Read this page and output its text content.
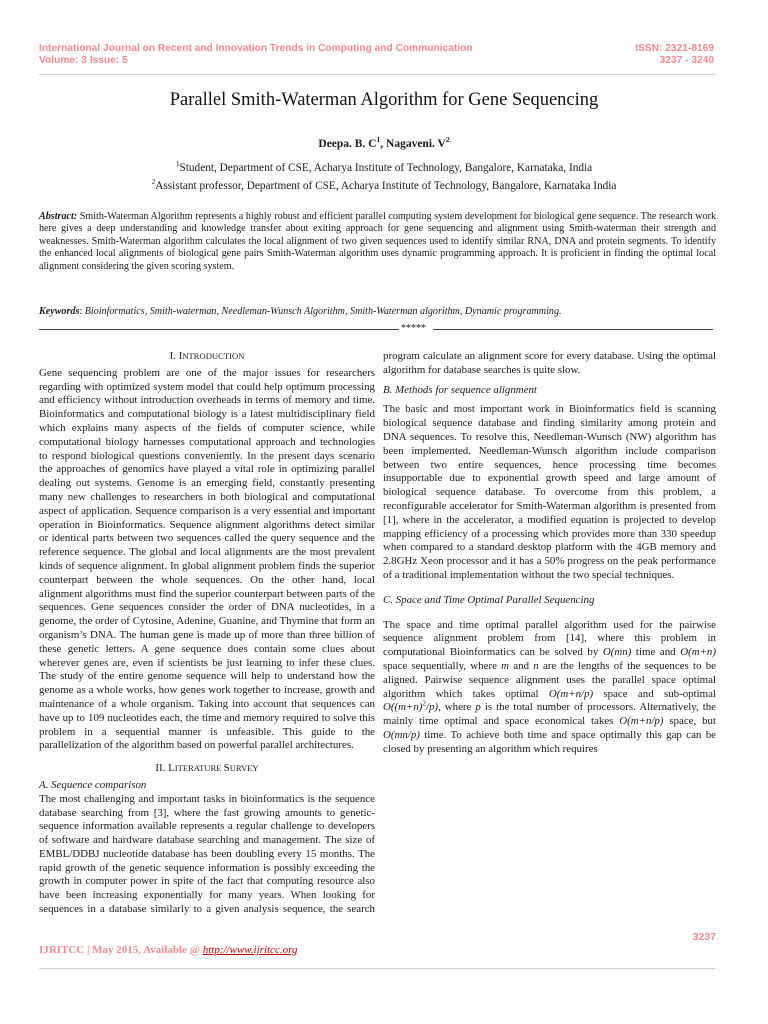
International Journal on Recent and Innovation Trends in Computing and Communication
Volume: 3 Issue: 5
ISSN: 2321-8169
3237 - 3240
Parallel Smith-Waterman Algorithm for Gene Sequencing
Deepa. B. $C^1$, Nagaveni. $V^2$
$^1$Student, Department of CSE, Acharya Institute of Technology, Bangalore, Karnataka, India
$^2$Assistant professor, Department of CSE, Acharya Institute of Technology, Bangalore, Karnataka India
Abstract: Smith-Waterman Algorithm represents a highly robust and efficient parallel computing system development for biological gene sequence. The research work here gives a deep understanding and knowledge transfer about exiting approach for gene sequencing and alignment using Smith-waterman their strength and weaknesses. Smith-Waterman algorithm calculates the local alignment of two given sequences used to identify similar RNA, DNA and protein segments. To identify the enhanced local alignments of biological gene pairs Smith-Waterman algorithm uses dynamic programming approach. It is proficient in finding the optimal local alignment considering the given scoring system.
Keywords: Bioinformatics, Smith-waterman, Needleman-Wunsch Algorithm, Smith-Waterman algorithm, Dynamic programming.
*****
I. INTRODUCTION

Gene sequencing problem are one of the major issues for researchers regarding with optimized system model that could help optimum processing and efficiency without introduction overheads in terms of memory and time. Bioinformatics and computational biology is a latest multidisciplinary field which explains many aspects of the fields of computer science, while computational biology harnesses computational approach and technologies to respond biological questions conveniently. In the present days scenario the approaches of genomics have played a vital role in optimizing parallel dealing out systems. Genome is an emerging field, constantly presenting many new challenges to researchers in both biological and computational aspect of application. Sequence comparison is a very essential and important operation in Bioinformatics. Sequence alignment algorithms detect similar or identical parts between two sequences called the query sequence and the reference sequence. The global and local alignments are the most prevalent kinds of sequence alignment. In global alignment problem finds the superior counterpart between the whole sequences. On the other hand, local alignment algorithms must find the superior counterpart between parts of the sequences. Gene sequences consider the order of DNA nucleotides, in a genome, the order of Cytosine, Adenine, Guanine, and Thymine that form an organism’s DNA. The human gene is made up of more than three billion of these genetic letters. A gene sequence does contain some clues about wherever genes are, even if scientists be just learning to infer these clues. The study of the entire genome sequence will help to understand how the genome as a whole works, how genes work together to increase, growth and maintenance of a whole organism. Taking into account that sequences can have up to 109 nucleotides each, the time and memory required to solve this problem in a sequential manner is unfeasible. This guide to the parallelization of the algorithm based on powerful parallel architectures.

II. LITERATURE SURVEY

A. Sequence comparison

The most challenging and important tasks in bioinformatics is the sequence database searching from [3], where the fast growing amounts to genetic-sequence information available represents a regular challenge to developers of software and hardware database searching and management. The size of EMBL/DDBJ nucleotide database has been doubling every 15 months. The rapid growth of the genetic sequence information is possibly exceeding the growth in computer power in spite of the fact that computing resource also have been increasing exponentially for many years. When looking for sequences in a database similarly to a given analysis sequence, the search

program calculate an alignment score for every database. Using the optimal algorithm for database searches is quite slow.

B. Methods for sequence alignment

The basic and most important work in Bioinformatics field is scanning biological sequence database and finding similarity among protein and DNA sequences. To resolve this, Needleman-Wunsch (NW) algorithm has been implemented. Needleman-Wunsch algorithm include comparison between two entire sequences, hence processing time becomes insupportable due to exponential growth speed and large amount of biological sequence database. To overcome from this problem, a reconfigurable accelerator for Smith-Waterman algorithm is presented from [1], where in the accelerator, a modified equation is projected to develop mapping efficiency of a processing which provides more than 330 speedup when compared to a standard desktop platform with the 4GB memory and 2.8GHz Xeon processor and it has a 50% progress on the peak performance of a traditional implementation without the two special techniques.

C. Space and Time Optimal Parallel Sequencing

The space and time optimal parallel algorithm used for the pairwise sequence alignment problem from [14], where this problem in computational Bioinformatics can be solved by O(mn) time and O(m+n) space sequentially, where m and n are the lengths of the sequences to be aligned. Pairwise sequence alignment uses the parallel space optimal algorithm which takes optimal O(m+n/p) space and sub-optimal $O((m+n)^2/p)$, where p is the total number of processors. Alternatively, the mainly time optimal and space economical takes O(m+n/p) space, but O(mn/p) time. To achieve both time and space optimally this gap can be closed by presenting an algorithm which requires

3237
IJRITCC | May 2015, Available @ http://www.ijritcc.org
